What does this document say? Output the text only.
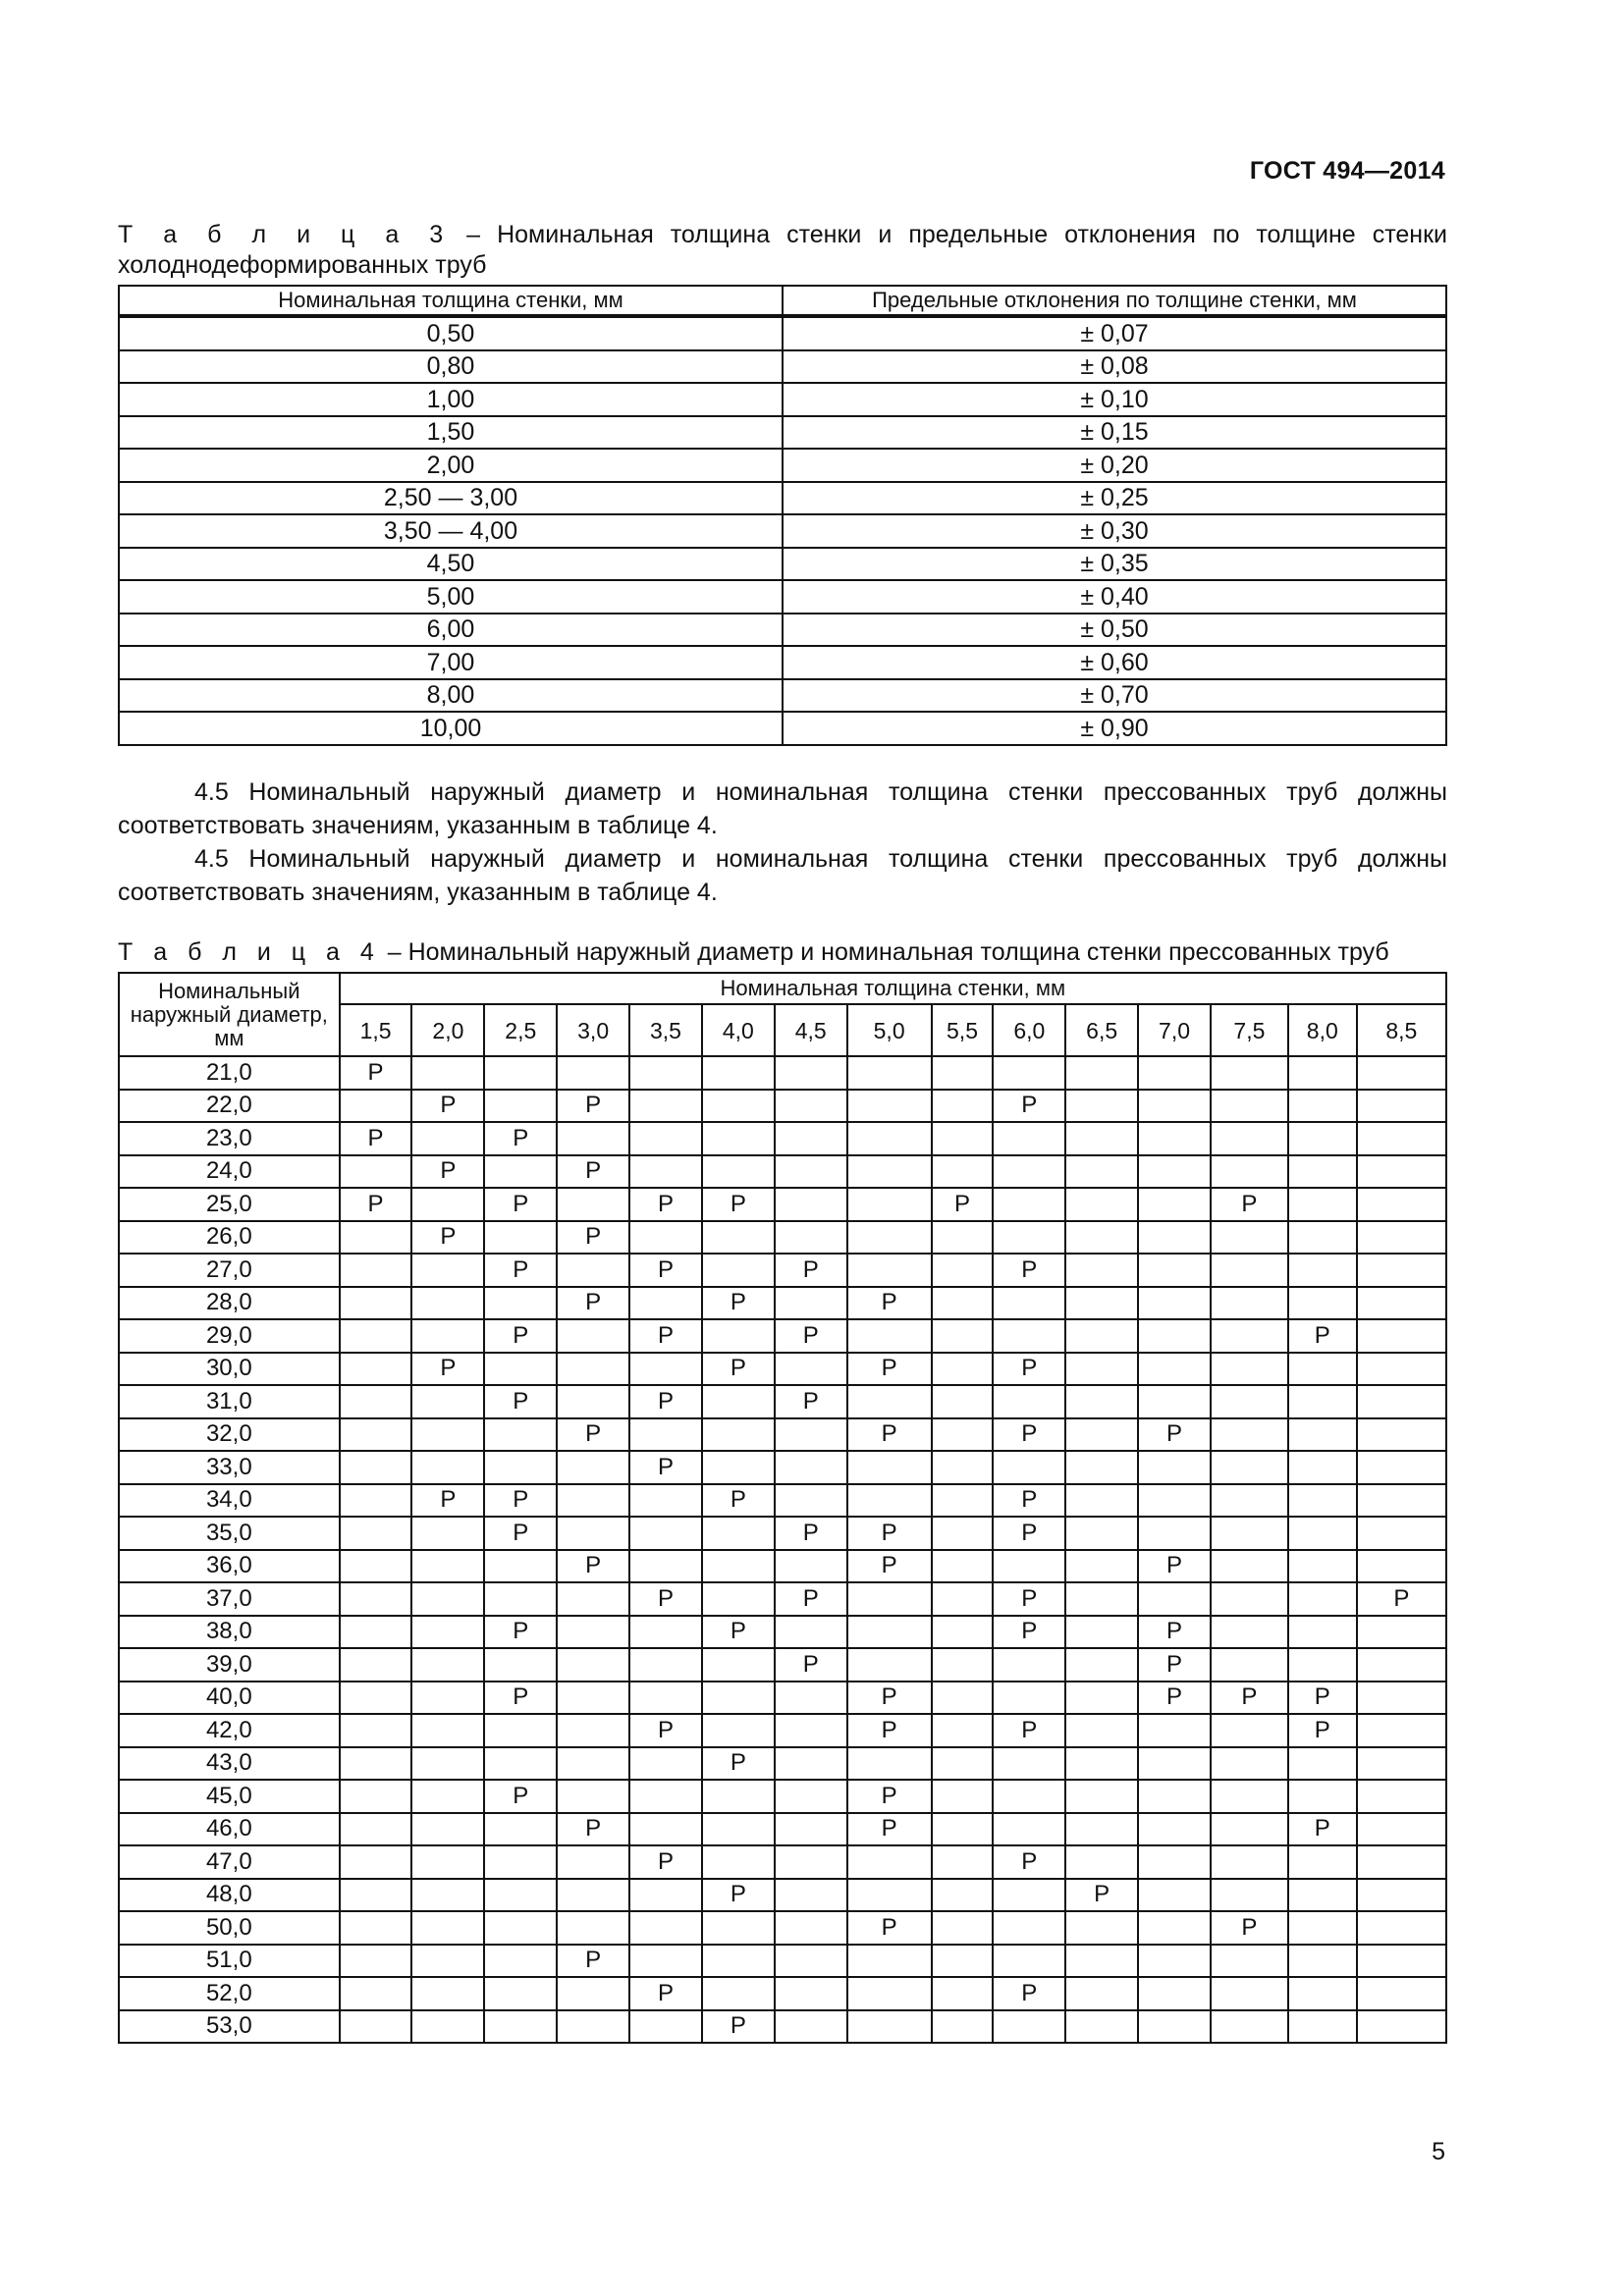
ГОСТ 494—2014
Т а б л и ц а 3 – Номинальная толщина стенки и предельные отклонения по толщине стенки холоднодеформированных труб
Номинальная толщина стенки, мм	Предельные отклонения по толщине стенки, мм
0,50	± 0,07
0,80	± 0,08
1,00	± 0,10
1,50	± 0,15
2,00	± 0,20
2,50 — 3,00	± 0,25
3,50 — 4,00	± 0,30
4,50	± 0,35
5,00	± 0,40
6,00	± 0,50
7,00	± 0,60
8,00	± 0,70
10,00	± 0,90

4.5 Номинальный наружный диаметр и номинальная толщина стенки прессованных труб должны соответствовать значениям, указанным в таблице 4.

4.5 Номинальный наружный диаметр и номинальная толщина стенки прессованных труб должны соответствовать значениям, указанным в таблице 4.

Т а б л и ц а 4 – Номинальный наружный диаметр и номинальная толщина стенки прессованных труб
Номинальный наружный диаметр, мм	Номинальная толщина стенки, мм														
	1,5	2,0	2,5	3,0	3,5	4,0	4,5	5,0	5,5	6,0	6,5	7,0	7,5	8,0	8,5
21,0	Р														
22,0		Р		Р						Р					
23,0	Р		Р												
24,0		Р		Р											
25,0	Р		Р		Р	Р			Р				Р		
26,0		Р		Р											
27,0			Р		Р		Р			Р					
28,0				Р		Р		Р							
29,0			Р		Р		Р							Р	
30,0		Р				Р		Р		Р					
31,0			Р		Р		Р								
32,0				Р				Р		Р		Р			
33,0					Р										
34,0		Р	Р			Р				Р					
35,0			Р				Р	Р		Р					
36,0				Р				Р				Р			
37,0					Р		Р			Р					Р
38,0			Р			Р				Р		Р			
39,0							Р					Р			
40,0			Р					Р				Р	Р	Р	
42,0					Р			Р		Р				Р	
43,0						Р									
45,0			Р					Р							
46,0				Р				Р						Р	
47,0					Р					Р					
48,0						Р					Р				
50,0								Р					Р		
51,0				Р											
52,0					Р					Р					
53,0						Р									
5
